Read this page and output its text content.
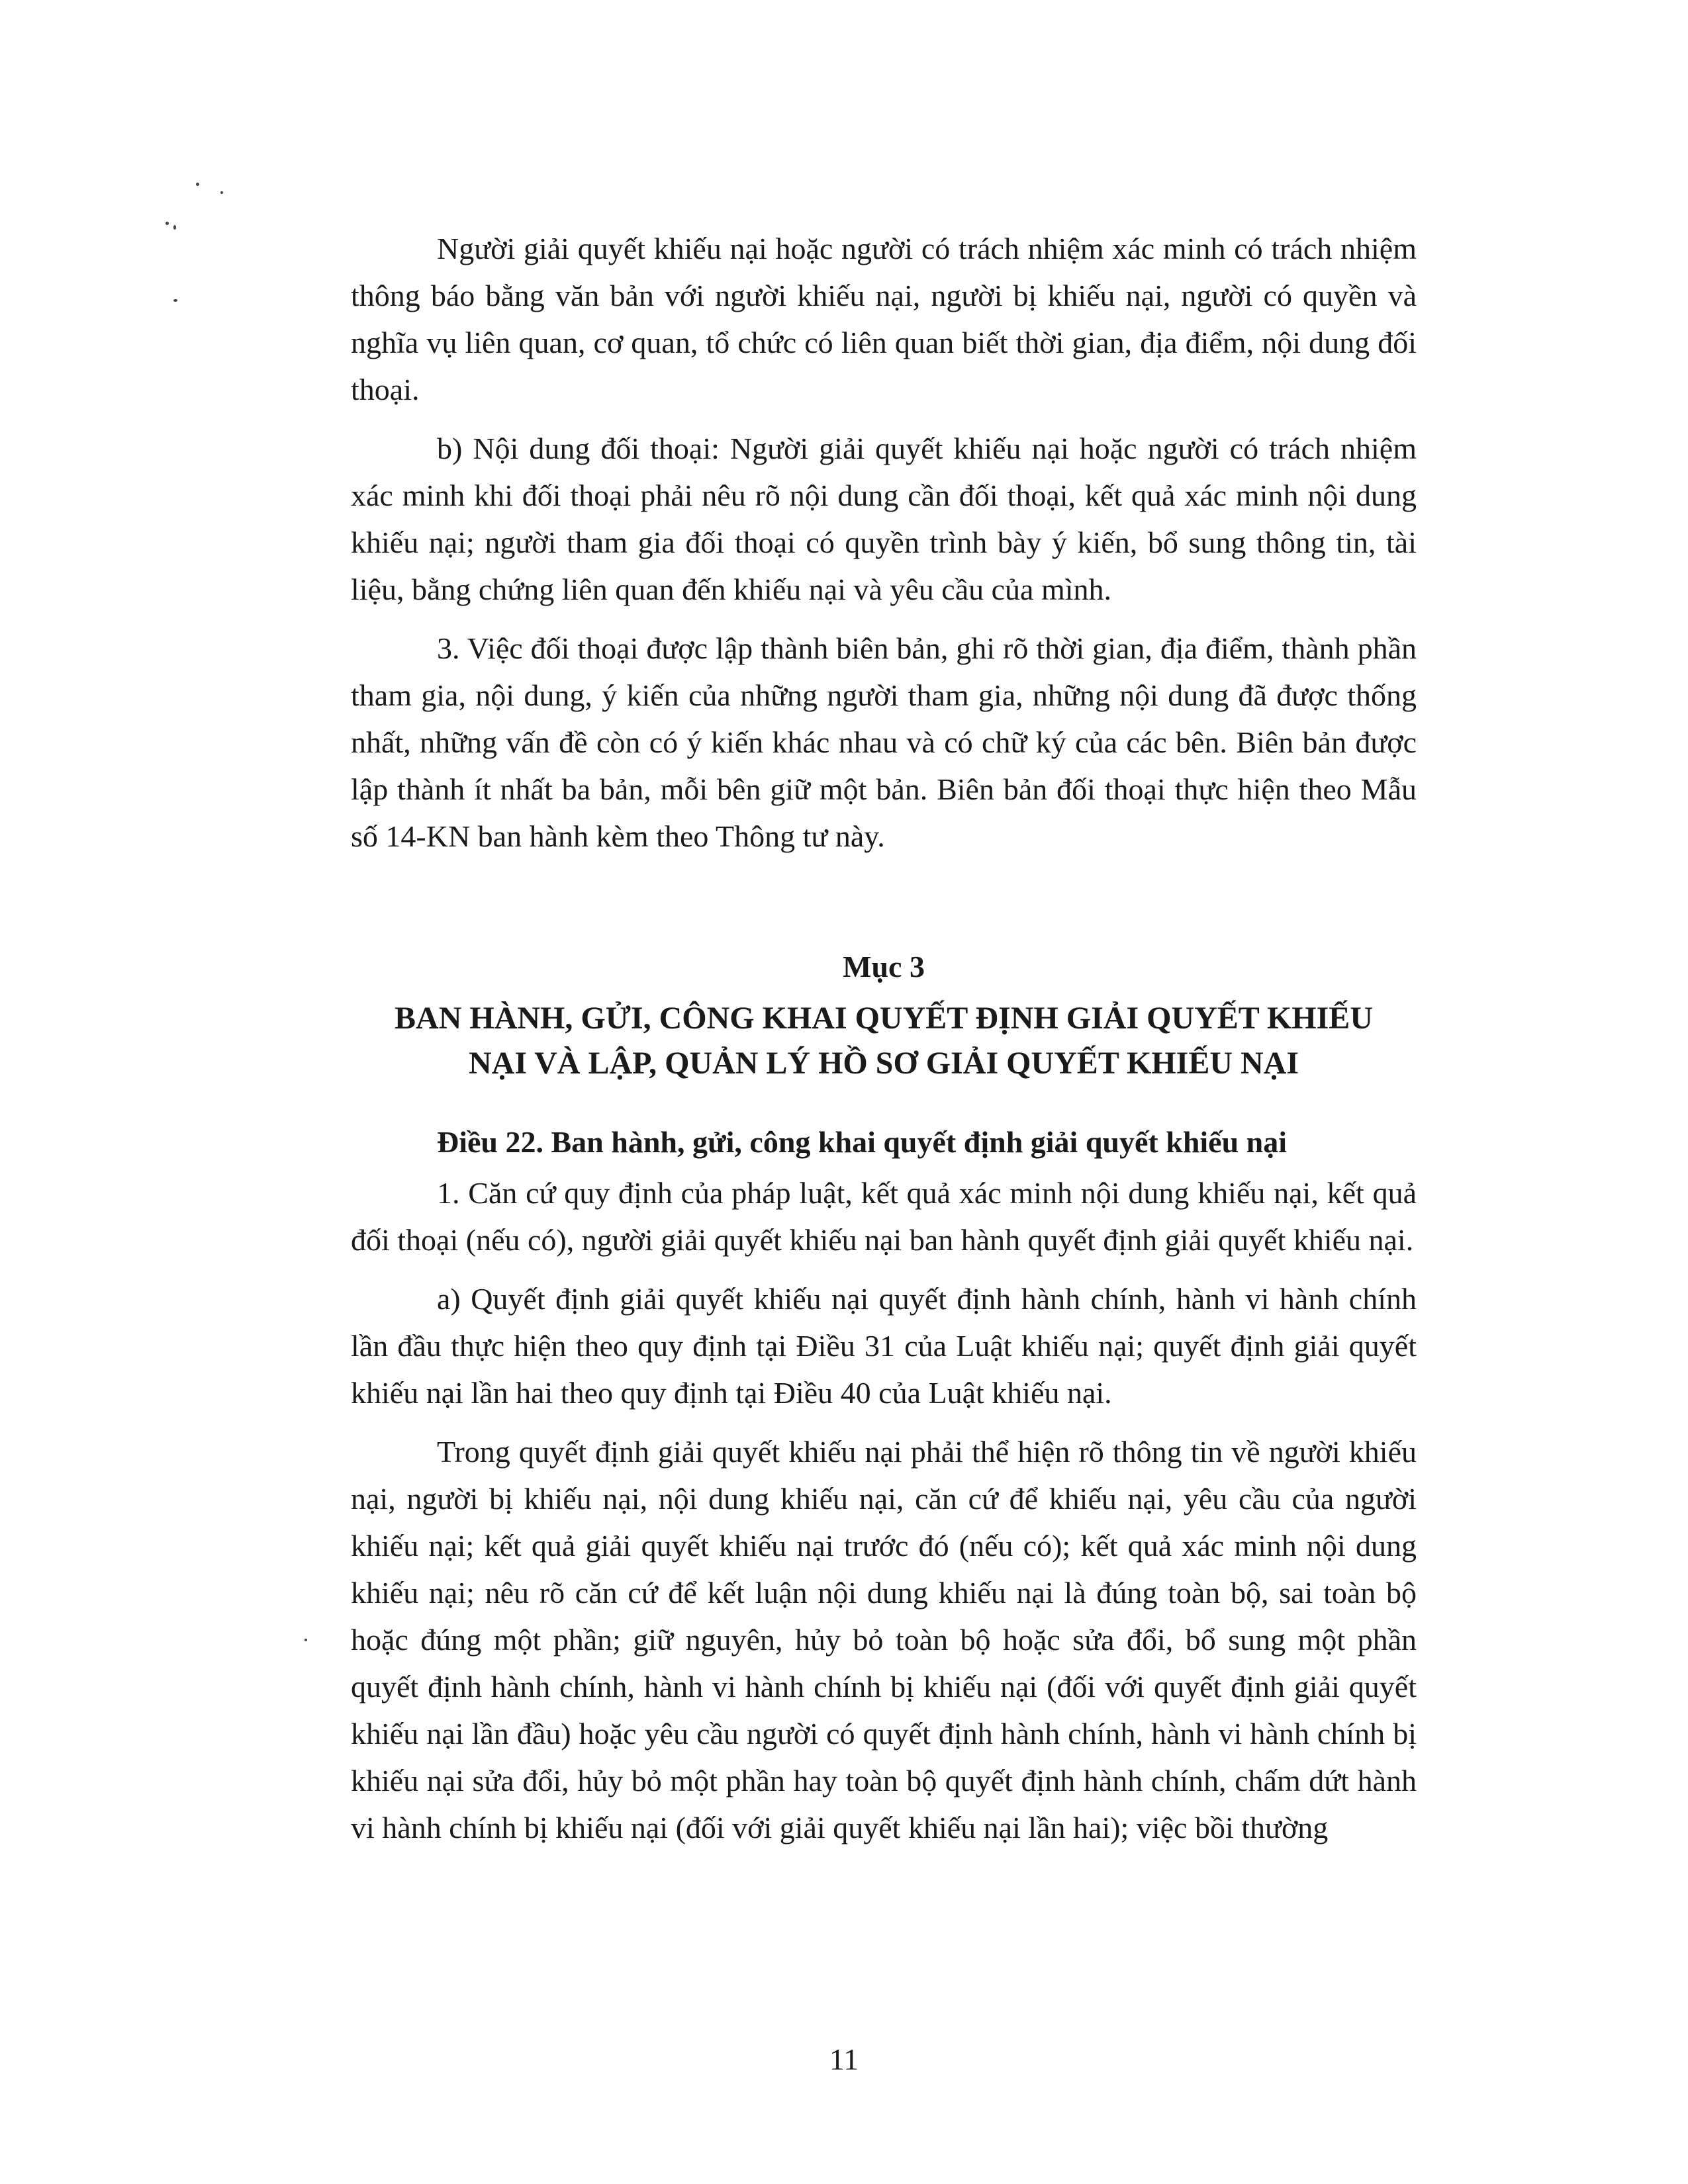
Người giải quyết khiếu nại hoặc người có trách nhiệm xác minh có trách nhiệm thông báo bằng văn bản với người khiếu nại, người bị khiếu nại, người có quyền và nghĩa vụ liên quan, cơ quan, tổ chức có liên quan biết thời gian, địa điểm, nội dung đối thoại.

b) Nội dung đối thoại: Người giải quyết khiếu nại hoặc người có trách nhiệm xác minh khi đối thoại phải nêu rõ nội dung cần đối thoại, kết quả xác minh nội dung khiếu nại; người tham gia đối thoại có quyền trình bày ý kiến, bổ sung thông tin, tài liệu, bằng chứng liên quan đến khiếu nại và yêu cầu của mình.

3. Việc đối thoại được lập thành biên bản, ghi rõ thời gian, địa điểm, thành phần tham gia, nội dung, ý kiến của những người tham gia, những nội dung đã được thống nhất, những vấn đề còn có ý kiến khác nhau và có chữ ký của các bên. Biên bản được lập thành ít nhất ba bản, mỗi bên giữ một bản. Biên bản đối thoại thực hiện theo Mẫu số 14-KN ban hành kèm theo Thông tư này.

Mục 3
BAN HÀNH, GỬI, CÔNG KHAI QUYẾT ĐỊNH GIẢI QUYẾT KHIẾU
NẠI VÀ LẬP, QUẢN LÝ HỒ SƠ GIẢI QUYẾT KHIẾU NẠI

Điều 22. Ban hành, gửi, công khai quyết định giải quyết khiếu nại

1. Căn cứ quy định của pháp luật, kết quả xác minh nội dung khiếu nại, kết quả đối thoại (nếu có), người giải quyết khiếu nại ban hành quyết định giải quyết khiếu nại.

a) Quyết định giải quyết khiếu nại quyết định hành chính, hành vi hành chính lần đầu thực hiện theo quy định tại Điều 31 của Luật khiếu nại; quyết định giải quyết khiếu nại lần hai theo quy định tại Điều 40 của Luật khiếu nại.

Trong quyết định giải quyết khiếu nại phải thể hiện rõ thông tin về người khiếu nại, người bị khiếu nại, nội dung khiếu nại, căn cứ để khiếu nại, yêu cầu của người khiếu nại; kết quả giải quyết khiếu nại trước đó (nếu có); kết quả xác minh nội dung khiếu nại; nêu rõ căn cứ để kết luận nội dung khiếu nại là đúng toàn bộ, sai toàn bộ hoặc đúng một phần; giữ nguyên, hủy bỏ toàn bộ hoặc sửa đổi, bổ sung một phần quyết định hành chính, hành vi hành chính bị khiếu nại (đối với quyết định giải quyết khiếu nại lần đầu) hoặc yêu cầu người có quyết định hành chính, hành vi hành chính bị khiếu nại sửa đổi, hủy bỏ một phần hay toàn bộ quyết định hành chính, chấm dứt hành vi hành chính bị khiếu nại (đối với giải quyết khiếu nại lần hai); việc bồi thường

11
